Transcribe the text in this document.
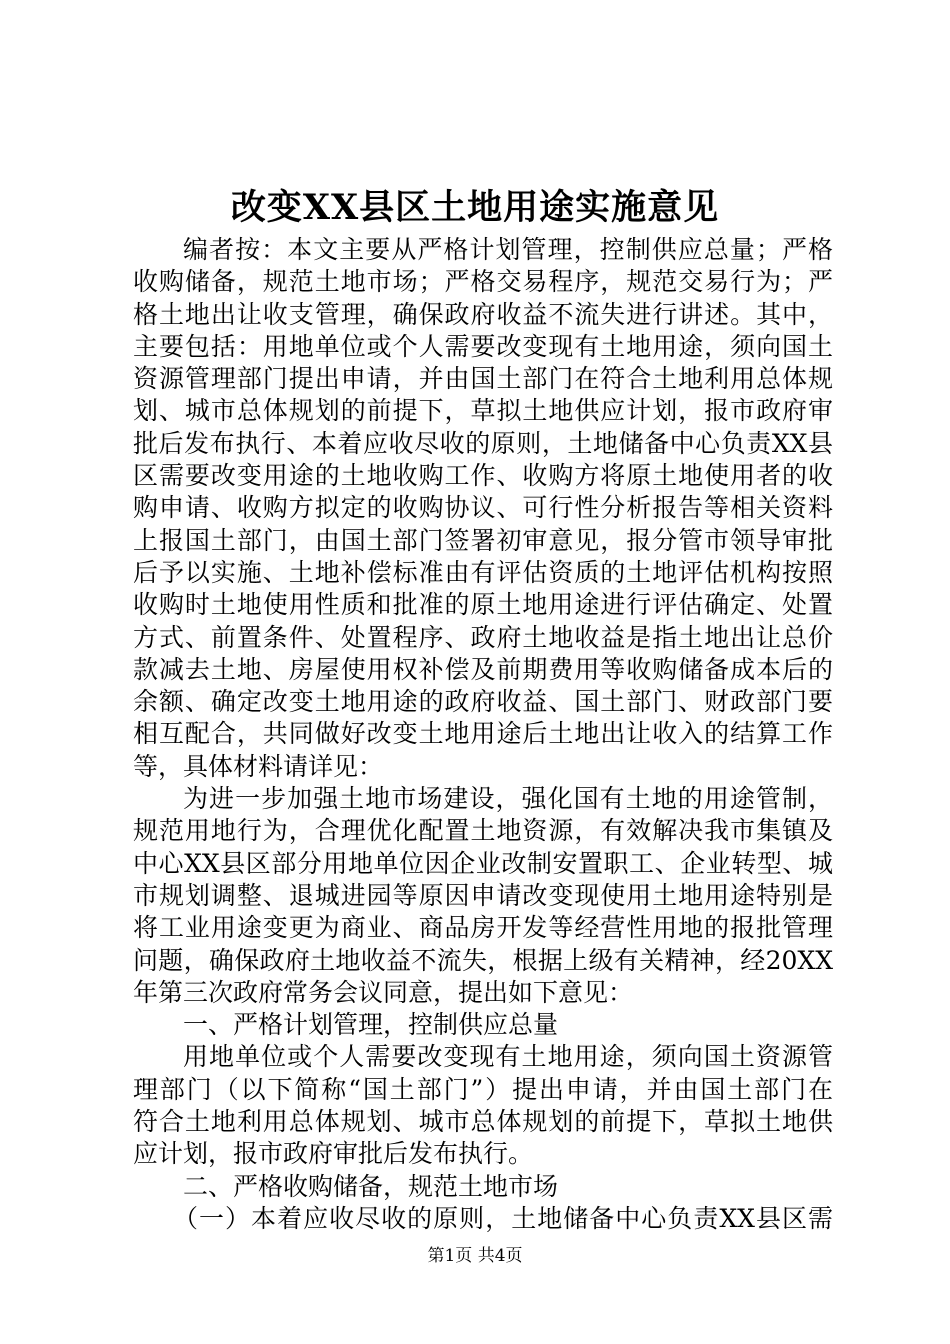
改变XX县区土地用途实施意见
编者按：本文主要从严格计划管理，控制供应总量；严格
收购储备，规范土地市场；严格交易程序，规范交易行为；严
格土地出让收支管理，确保政府收益不流失进行讲述。其中，
主要包括：用地单位或个人需要改变现有土地用途，须向国土
资源管理部门提出申请，并由国土部门在符合土地利用总体规
划、城市总体规划的前提下，草拟土地供应计划，报市政府审
批后发布执行、本着应收尽收的原则，土地储备中心负责XX县
区需要改变用途的土地收购工作、收购方将原土地使用者的收
购申请、收购方拟定的收购协议、可行性分析报告等相关资料
上报国土部门，由国土部门签署初审意见，报分管市领导审批
后予以实施、土地补偿标准由有评估资质的土地评估机构按照
收购时土地使用性质和批准的原土地用途进行评估确定、处置
方式、前置条件、处置程序、政府土地收益是指土地出让总价
款减去土地、房屋使用权补偿及前期费用等收购储备成本后的
余额、确定改变土地用途的政府收益、国土部门、财政部门要
相互配合，共同做好改变土地用途后土地出让收入的结算工作
等，具体材料请详见：
为进一步加强土地市场建设，强化国有土地的用途管制，
规范用地行为，合理优化配置土地资源，有效解决我市集镇及
中心XX县区部分用地单位因企业改制安置职工、企业转型、城
市规划调整、退城进园等原因申请改变现使用土地用途特别是
将工业用途变更为商业、商品房开发等经营性用地的报批管理
问题，确保政府土地收益不流失，根据上级有关精神，经20XX
年第三次政府常务会议同意，提出如下意见：
一、严格计划管理，控制供应总量
用地单位或个人需要改变现有土地用途，须向国土资源管
理部门（以下简称“国土部门”）提出申请，并由国土部门在
符合土地利用总体规划、城市总体规划的前提下，草拟土地供
应计划，报市政府审批后发布执行。
二、严格收购储备，规范土地市场
（一）本着应收尽收的原则，土地储备中心负责XX县区需
第1页 共4页
